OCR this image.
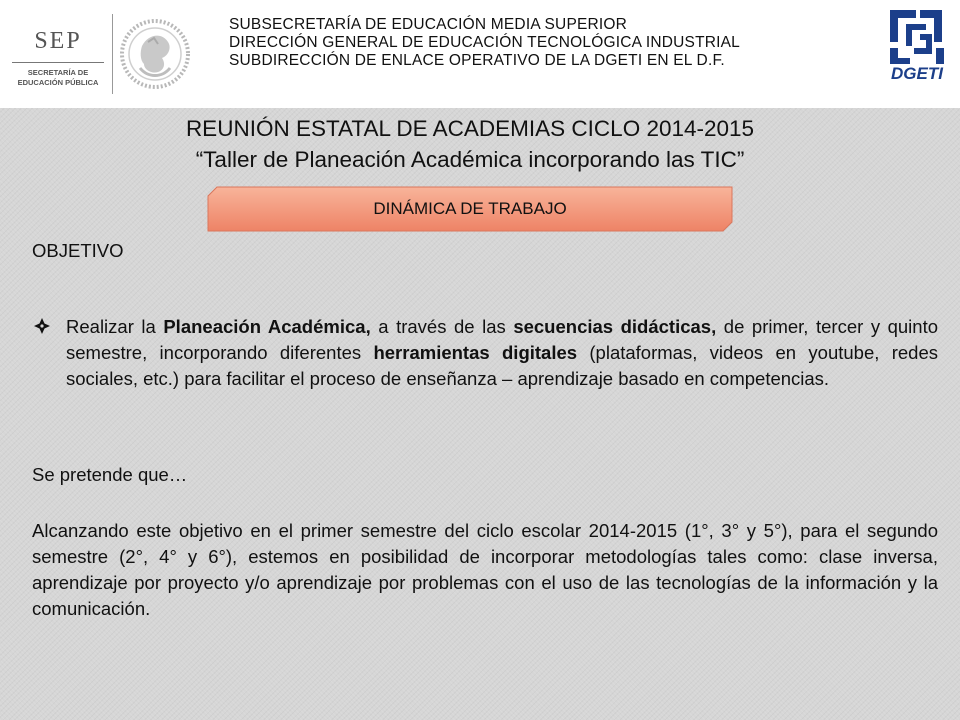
SEP
SECRETARÍA DE
EDUCACIÓN PÚBLICA
SUBSECRETARÍA DE EDUCACIÓN MEDIA SUPERIOR
DIRECCIÓN GENERAL DE EDUCACIÓN TECNOLÓGICA INDUSTRIAL
SUBDIRECCIÓN DE ENLACE OPERATIVO DE LA DGETI EN EL D.F.
DGETI
REUNIÓN ESTATAL DE ACADEMIAS CICLO 2014-2015
“Taller de Planeación Académica incorporando las TIC”
DINÁMICA DE TRABAJO
OBJETIVO
Realizar la Planeación Académica, a través de las secuencias didácticas, de primer, tercer y quinto semestre, incorporando diferentes herramientas digitales (plataformas, videos en youtube, redes sociales, etc.) para facilitar el proceso de enseñanza – aprendizaje basado en competencias.
Se pretende que…
Alcanzando este objetivo en el primer semestre del ciclo escolar 2014-2015 (1°, 3° y 5°), para el segundo semestre (2°, 4° y 6°), estemos en posibilidad de incorporar metodologías tales como: clase inversa, aprendizaje por proyecto y/o aprendizaje por problemas con el uso de las tecnologías de la información y la comunicación.
